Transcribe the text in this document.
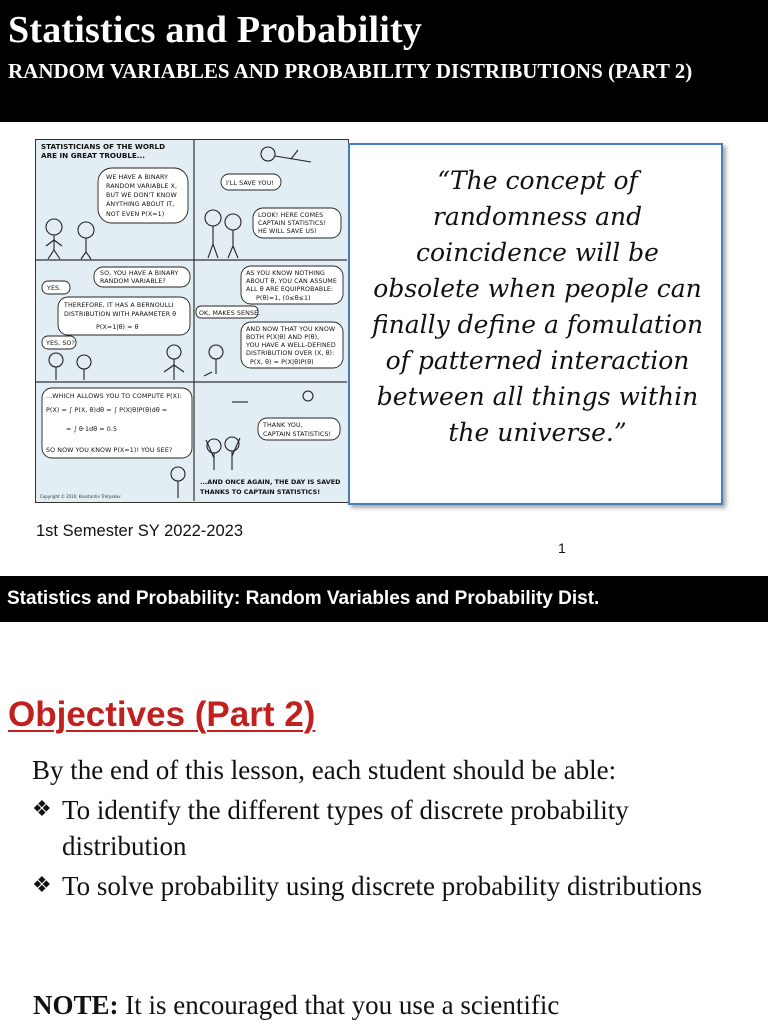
Statistics and Probability
RANDOM VARIABLES AND PROBABILITY DISTRIBUTIONS (PART 2)
STATISTICIANS OF THE WORLD
ARE IN GREAT TROUBLE...
WE HAVE A BINARY
RANDOM VARIABLE X,
BUT WE DON'T KNOW
ANYTHING ABOUT IT,
NOT EVEN P(X=1)
I'LL SAVE YOU!
LOOK! HERE COMES
CAPTAIN STATISTICS!
HE WILL SAVE US!
SO, YOU HAVE A BINARY
RANDOM VARIABLE?
YES.
THEREFORE, IT HAS A BERNOULLI
DISTRIBUTION WITH PARAMETER θ
P(X=1|θ) = θ
YES, SO?
AS YOU KNOW NOTHING
ABOUT θ, YOU CAN ASSUME
ALL θ ARE EQUIPROBABLE:
P(θ)=1, (0≤θ≤1)
OK, MAKES SENSE.
AND NOW THAT YOU KNOW
BOTH P(X|θ) AND P(θ),
YOU HAVE A WELL-DEFINED
DISTRIBUTION OVER (X, θ):
P(X, θ) = P(X|θ)P(θ)
...WHICH ALLOWS YOU TO COMPUTE P(X):
P(X) = ∫ P(X, θ)dθ = ∫ P(X|θ)P(θ)dθ =
= ∫ θ·1dθ = 0.5
SO NOW YOU KNOW P(X=1)! YOU SEE?
Copyright © 2010, Konstantin Tretyakov
THANK YOU,
CAPTAIN STATISTICS!
...AND ONCE AGAIN, THE DAY IS SAVED
THANKS TO CAPTAIN STATISTICS!
“The concept of randomness and coincidence will be obsolete when people can finally define a fomulation of patterned interaction between all things within the universe.”
1st Semester SY 2022-2023
1
Statistics and Probability: Random Variables and Probability Dist.
Objectives (Part 2)
By the end of this lesson, each student should be able:
❖ To identify the different types of discrete probability distribution
❖ To solve probability using discrete probability distributions
NOTE: It is encouraged that you use a scientific
